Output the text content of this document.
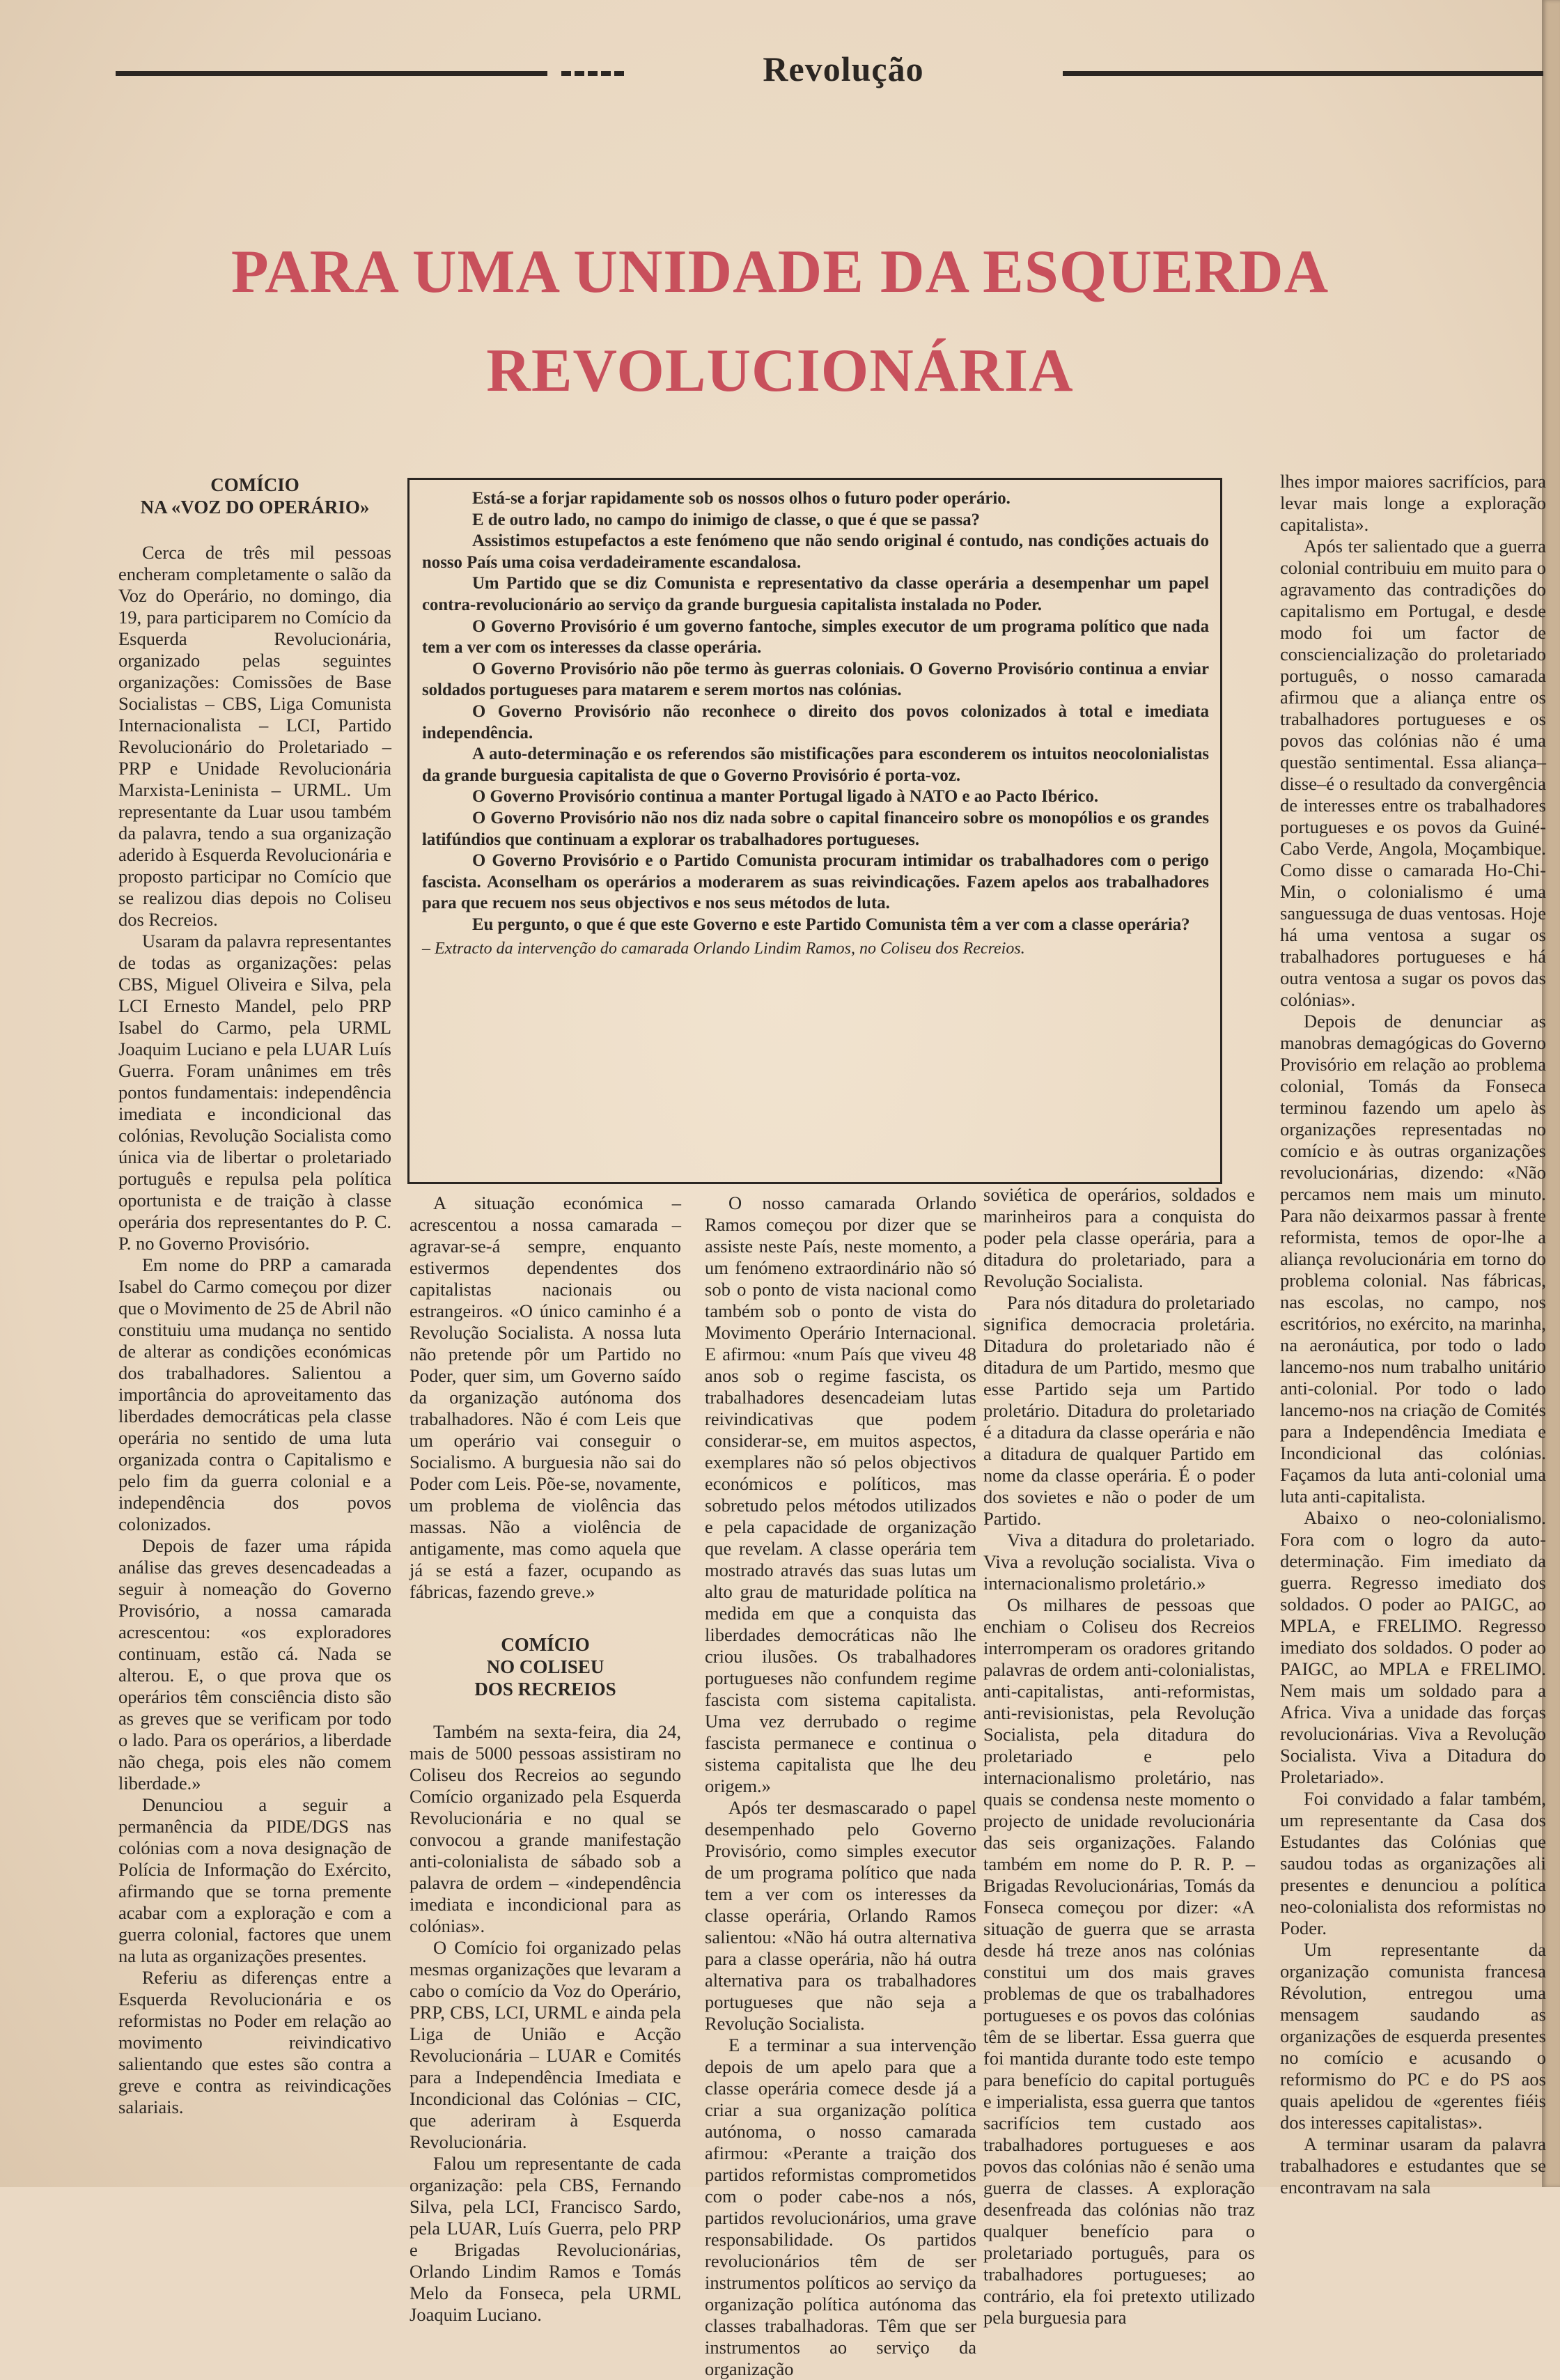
Revolução
PARA UMA UNIDADE DA ESQUERDA
REVOLUCIONÁRIA
COMÍCIO
NA «VOZ DO OPERÁRIO»

Cerca de três mil pessoas encheram completamente o salão da Voz do Operário, no domingo, dia 19, para participarem no Comício da Esquerda Revolucionária, organizado pelas seguintes organizações: Comissões de Base Socialistas – CBS, Liga Comunista Internacionalista – LCI, Partido Revolucionário do Proletariado – PRP e Unidade Revolucionária Marxista-Leninista – URML. Um representante da Luar usou também da palavra, tendo a sua organização aderido à Esquerda Revolucionária e proposto participar no Comício que se realizou dias depois no Coliseu dos Recreios.

Usaram da palavra representantes de todas as organizações: pelas CBS, Miguel Oliveira e Silva, pela LCI Ernesto Mandel, pelo PRP Isabel do Carmo, pela URML Joaquim Luciano e pela LUAR Luís Guerra. Foram unânimes em três pontos fundamentais: independência imediata e incondicional das colónias, Revolução Socialista como única via de libertar o proletariado português e repulsa pela política oportunista e de traição à classe operária dos representantes do P. C. P. no Governo Provisório.

Em nome do PRP a camarada Isabel do Carmo começou por dizer que o Movimento de 25 de Abril não constituiu uma mudança no sentido de alterar as condições económicas dos trabalhadores. Salientou a importância do aproveitamento das liberdades democráticas pela classe operária no sentido de uma luta organizada contra o Capitalismo e pelo fim da guerra colonial e a independência dos povos colonizados.

Depois de fazer uma rápida análise das greves desencadeadas a seguir à nomeação do Governo Provisório, a nossa camarada acrescentou: «os exploradores continuam, estão cá. Nada se alterou. E, o que prova que os operários têm consciência disto são as greves que se verificam por todo o lado. Para os operários, a liberdade não chega, pois eles não comem liberdade.»

Denunciou a seguir a permanência da PIDE/DGS nas colónias com a nova designação de Polícia de Informação do Exército, afirmando que se torna premente acabar com a exploração e com a guerra colonial, factores que unem na luta as organizações presentes.

Referiu as diferenças entre a Esquerda Revolucionária e os reformistas no Poder em relação ao movimento reivindicativo salientando que estes são contra a greve e contra as reivindicações salariais.

Está-se a forjar rapidamente sob os nossos olhos o futuro poder operário.

E de outro lado, no campo do inimigo de classe, o que é que se passa?

Assistimos estupefactos a este fenómeno que não sendo original é contudo, nas condições actuais do nosso País uma coisa verdadeiramente escandalosa.

Um Partido que se diz Comunista e representativo da classe operária a desempenhar um papel contra-revolucionário ao serviço da grande burguesia capitalista instalada no Poder.

O Governo Provisório é um governo fantoche, simples executor de um programa político que nada tem a ver com os interesses da classe operária.

O Governo Provisório não põe termo às guerras coloniais. O Governo Provisório continua a enviar soldados portugueses para matarem e serem mortos nas colónias.

O Governo Provisório não reconhece o direito dos povos colonizados à total e imediata independência.

A auto-determinação e os referendos são mistificações para esconderem os intuitos neocolonialistas da grande burguesia capitalista de que o Governo Provisório é porta-voz.

O Governo Provisório continua a manter Portugal ligado à NATO e ao Pacto Ibérico.

O Governo Provisório não nos diz nada sobre o capital financeiro sobre os monopólios e os grandes latifúndios que continuam a explorar os trabalhadores portugueses.

O Governo Provisório e o Partido Comunista procuram intimidar os trabalhadores com o perigo fascista. Aconselham os operários a moderarem as suas reivindicações. Fazem apelos aos trabalhadores para que recuem nos seus objectivos e nos seus métodos de luta.

Eu pergunto, o que é que este Governo e este Partido Comunista têm a ver com a classe operária?

– Extracto da intervenção do camarada Orlando Lindim Ramos, no Coliseu dos Recreios.

A situação económica – acrescentou a nossa camarada – agravar-se-á sempre, enquanto estivermos dependentes dos capitalistas nacionais ou estrangeiros. «O único caminho é a Revolução Socialista. A nossa luta não pretende pôr um Partido no Poder, quer sim, um Governo saído da organização autónoma dos trabalhadores. Não é com Leis que um operário vai conseguir o Socialismo. A burguesia não sai do Poder com Leis. Põe-se, novamente, um problema de violência das massas. Não a violência de antigamente, mas como aquela que já se está a fazer, ocupando as fábricas, fazendo greve.»

COMÍCIO
NO COLISEU
DOS RECREIOS

Também na sexta-feira, dia 24, mais de 5000 pessoas assistiram no Coliseu dos Recreios ao segundo Comício organizado pela Esquerda Revolucionária e no qual se convocou a grande manifestação anti-colonialista de sábado sob a palavra de ordem – «independência imediata e incondicional para as colónias».

O Comício foi organizado pelas mesmas organizações que levaram a cabo o comício da Voz do Operário, PRP, CBS, LCI, URML e ainda pela Liga de União e Acção Revolucionária – LUAR e Comités para a Independência Imediata e Incondicional das Colónias – CIC, que aderiram à Esquerda Revolucionária.

Falou um representante de cada organização: pela CBS, Fernando Silva, pela LCI, Francisco Sardo, pela LUAR, Luís Guerra, pelo PRP e Brigadas Revolucionárias, Orlando Lindim Ramos e Tomás Melo da Fonseca, pela URML Joaquim Luciano.

O nosso camarada Orlando Ramos começou por dizer que se assiste neste País, neste momento, a um fenómeno extraordinário não só sob o ponto de vista nacional como também sob o ponto de vista do Movimento Operário Internacional. E afirmou: «num País que viveu 48 anos sob o regime fascista, os trabalhadores desencadeiam lutas reivindicativas que podem considerar-se, em muitos aspectos, exemplares não só pelos objectivos económicos e políticos, mas sobretudo pelos métodos utilizados e pela capacidade de organização que revelam. A classe operária tem mostrado através das suas lutas um alto grau de maturidade política na medida em que a conquista das liberdades democráticas não lhe criou ilusões. Os trabalhadores portugueses não confundem regime fascista com sistema capitalista. Uma vez derrubado o regime fascista permanece e continua o sistema capitalista que lhe deu origem.»

Após ter desmascarado o papel desempenhado pelo Governo Provisório, como simples executor de um programa político que nada tem a ver com os interesses da classe operária, Orlando Ramos salientou: «Não há outra alternativa para a classe operária, não há outra alternativa para os trabalhadores portugueses que não seja a Revolução Socialista.

E a terminar a sua intervenção depois de um apelo para que a classe operária comece desde já a criar a sua organização política autónoma, o nosso camarada afirmou: «Perante a traição dos partidos reformistas comprometidos com o poder cabe-nos a nós, partidos revolucionários, uma grave responsabilidade. Os partidos revolucionários têm de ser instrumentos políticos ao serviço da organização política autónoma das classes trabalhadoras. Têm que ser instrumentos ao serviço da organização

soviética de operários, soldados e marinheiros para a conquista do poder pela classe operária, para a ditadura do proletariado, para a Revolução Socialista.

Para nós ditadura do proletariado significa democracia proletária. Ditadura do proletariado não é ditadura de um Partido, mesmo que esse Partido seja um Partido proletário. Ditadura do proletariado é a ditadura da classe operária e não a ditadura de qualquer Partido em nome da classe operária. É o poder dos sovietes e não o poder de um Partido.

Viva a ditadura do proletariado. Viva a revolução socialista. Viva o internacionalismo proletário.»

Os milhares de pessoas que enchiam o Coliseu dos Recreios interromperam os oradores gritando palavras de ordem anti-colonialistas, anti-capitalistas, anti-reformistas, anti-revisionistas, pela Revolução Socialista, pela ditadura do proletariado e pelo internacionalismo proletário, nas quais se condensa neste momento o projecto de unidade revolucionária das seis organizações. Falando também em nome do P. R. P. – Brigadas Revolucionárias, Tomás da Fonseca começou por dizer: «A situação de guerra que se arrasta desde há treze anos nas colónias constitui um dos mais graves problemas de que os trabalhadores portugueses e os povos das colónias têm de se libertar. Essa guerra que foi mantida durante todo este tempo para benefício do capital português e imperialista, essa guerra que tantos sacrifícios tem custado aos trabalhadores portugueses e aos povos das colónias não é senão uma guerra de classes. A exploração desenfreada das colónias não traz qualquer benefício para o proletariado português, para os trabalhadores portugueses; ao contrário, ela foi pretexto utilizado pela burguesia para

lhes impor maiores sacrifícios, para levar mais longe a exploração capitalista».

Após ter salientado que a guerra colonial contribuiu em muito para o agravamento das contradições do capitalismo em Portugal, e desde modo foi um factor de consciencialização do proletariado português, o nosso camarada afirmou que a aliança entre os trabalhadores portugueses e os povos das colónias não é uma questão sentimental. Essa aliança–disse–é o resultado da convergência de interesses entre os trabalhadores portugueses e os povos da Guiné-Cabo Verde, Angola, Moçambique. Como disse o camarada Ho-Chi-Min, o colonialismo é uma sanguessuga de duas ventosas. Hoje há uma ventosa a sugar os trabalhadores portugueses e há outra ventosa a sugar os povos das colónias».

Depois de denunciar as manobras demagógicas do Governo Provisório em relação ao problema colonial, Tomás da Fonseca terminou fazendo um apelo às organizações representadas no comício e às outras organizações revolucionárias, dizendo: «Não percamos nem mais um minuto. Para não deixarmos passar à frente reformista, temos de opor-lhe a aliança revolucionária em torno do problema colonial. Nas fábricas, nas escolas, no campo, nos escritórios, no exército, na marinha, na aeronáutica, por todo o lado lancemo-nos num trabalho unitário anti-colonial. Por todo o lado lancemo-nos na criação de Comités para a Independência Imediata e Incondicional das colónias. Façamos da luta anti-colonial uma luta anti-capitalista.

Abaixo o neo-colonialismo. Fora com o logro da auto-determinação. Fim imediato da guerra. Regresso imediato dos soldados. O poder ao PAIGC, ao MPLA, e FRELIMO. Regresso imediato dos soldados. O poder ao PAIGC, ao MPLA e FRELIMO. Nem mais um soldado para a Africa. Viva a unidade das forças revolucionárias. Viva a Revolução Socialista. Viva a Ditadura do Proletariado».

Foi convidado a falar também, um representante da Casa dos Estudantes das Colónias que saudou todas as organizações ali presentes e denunciou a política neo-colonialista dos reformistas no Poder.

Um representante da organização comunista francesa Révolution, entregou uma mensagem saudando as organizações de esquerda presentes no comício e acusando o reformismo do PC e do PS aos quais apelidou de «gerentes fiéis dos interesses capitalistas».

A terminar usaram da palavra trabalhadores e estudantes que se encontravam na sala
